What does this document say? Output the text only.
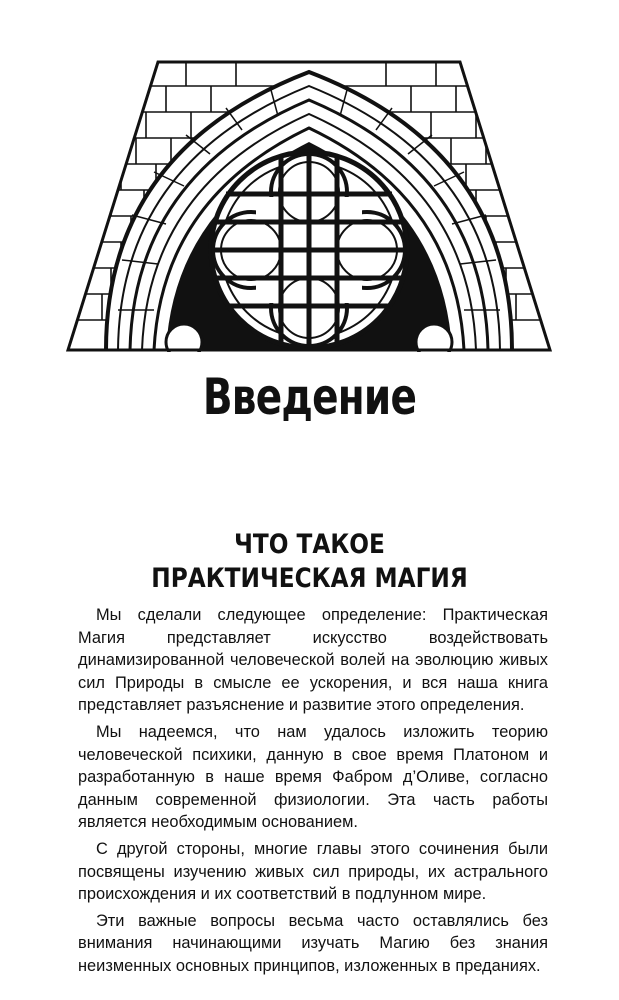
Введение
ЧТО ТАКОЕ
ПРАКТИЧЕСКАЯ МАГИЯ

Мы сделали следующее определение: Практическая Магия представляет искусство воздействовать динамизированной человеческой волей на эволюцию живых сил Природы в смысле ее ускорения, и вся наша книга представляет разъяснение и развитие этого определения.

Мы надеемся, что нам удалось изложить теорию человеческой психики, данную в свое время Платоном и разработанную в наше время Фабром д’Оливе, согласно данным современной физиологии. Эта часть работы является необходимым основанием.

С другой стороны, многие главы этого сочинения были посвящены изучению живых сил природы, их астрального происхождения и их соответствий в подлунном мире.

Эти важные вопросы весьма часто оставлялись без внимания начинающими изучать Магию без знания неизменных основных принципов, изложенных в преданиях.
